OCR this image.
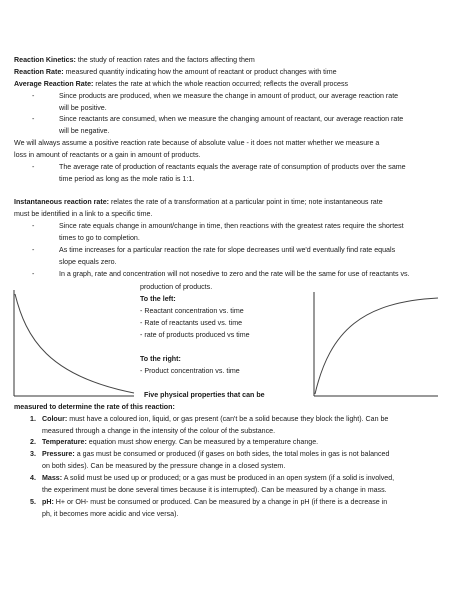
Reaction Kinetics: the study of reaction rates and the factors affecting them

Reaction Rate: measured quantity indicating how the amount of reactant or product changes with time

Average Reaction Rate: relates the rate at which the whole reaction occurred; reflects the overall process

-	Since products are produced, when we measure the change in amount of product, our average reaction rate

will be positive.

-	Since reactants are consumed, when we measure the changing amount of reactant, our average reaction rate

will be negative.

We will always assume a positive reaction rate because of absolute value - it does not matter whether we measure a

loss in amount of reactants or a gain in amount of products.

-	The average rate of production of reactants equals the average rate of consumption of products over the same

time period as long as the mole ratio is 1:1.

Instantaneous reaction rate: relates the rate of a transformation at a particular point in time; note instantaneous rate

must be identified in a link to a specific time.

-	Since rate equals change in amount/change in time, then reactions with the greatest rates require the shortest

times to go to completion.

-	As time increases for a particular reaction the rate for slope decreases until we'd eventually find rate equals

slope equals zero.

-	In a graph, rate and concentration will not nosedive to zero and the rate will be the same for use of reactants vs.

production of products.

To the left:

- Reactant concentration vs. time

- Rate of reactants used vs. time

- rate of products produced vs time

To the right:

- Product concentration vs. time

Five physical properties that can be

measured to determine the rate of this reaction:

1. Colour: must have a coloured ion, liquid, or gas present (can't be a solid because they block the light). Can be

measured through a change in the intensity of the colour of the substance.

2. Temperature: equation must show energy. Can be measured by a temperature change.

3. Pressure: a gas must be consumed or produced (if gases on both sides, the total moles in gas is not balanced

on both sides). Can be measured by the pressure change in a closed system.

4. Mass: A solid must be used up or produced; or a gas must be produced in an open system (if a solid is involved,

the experiment must be done several times because it is interrupted). Can be measured by a change in mass.

5. pH: H+ or OH- must be consumed or produced. Can be measured by a change in pH (if there is a decrease in

ph, it becomes more acidic and vice versa).
